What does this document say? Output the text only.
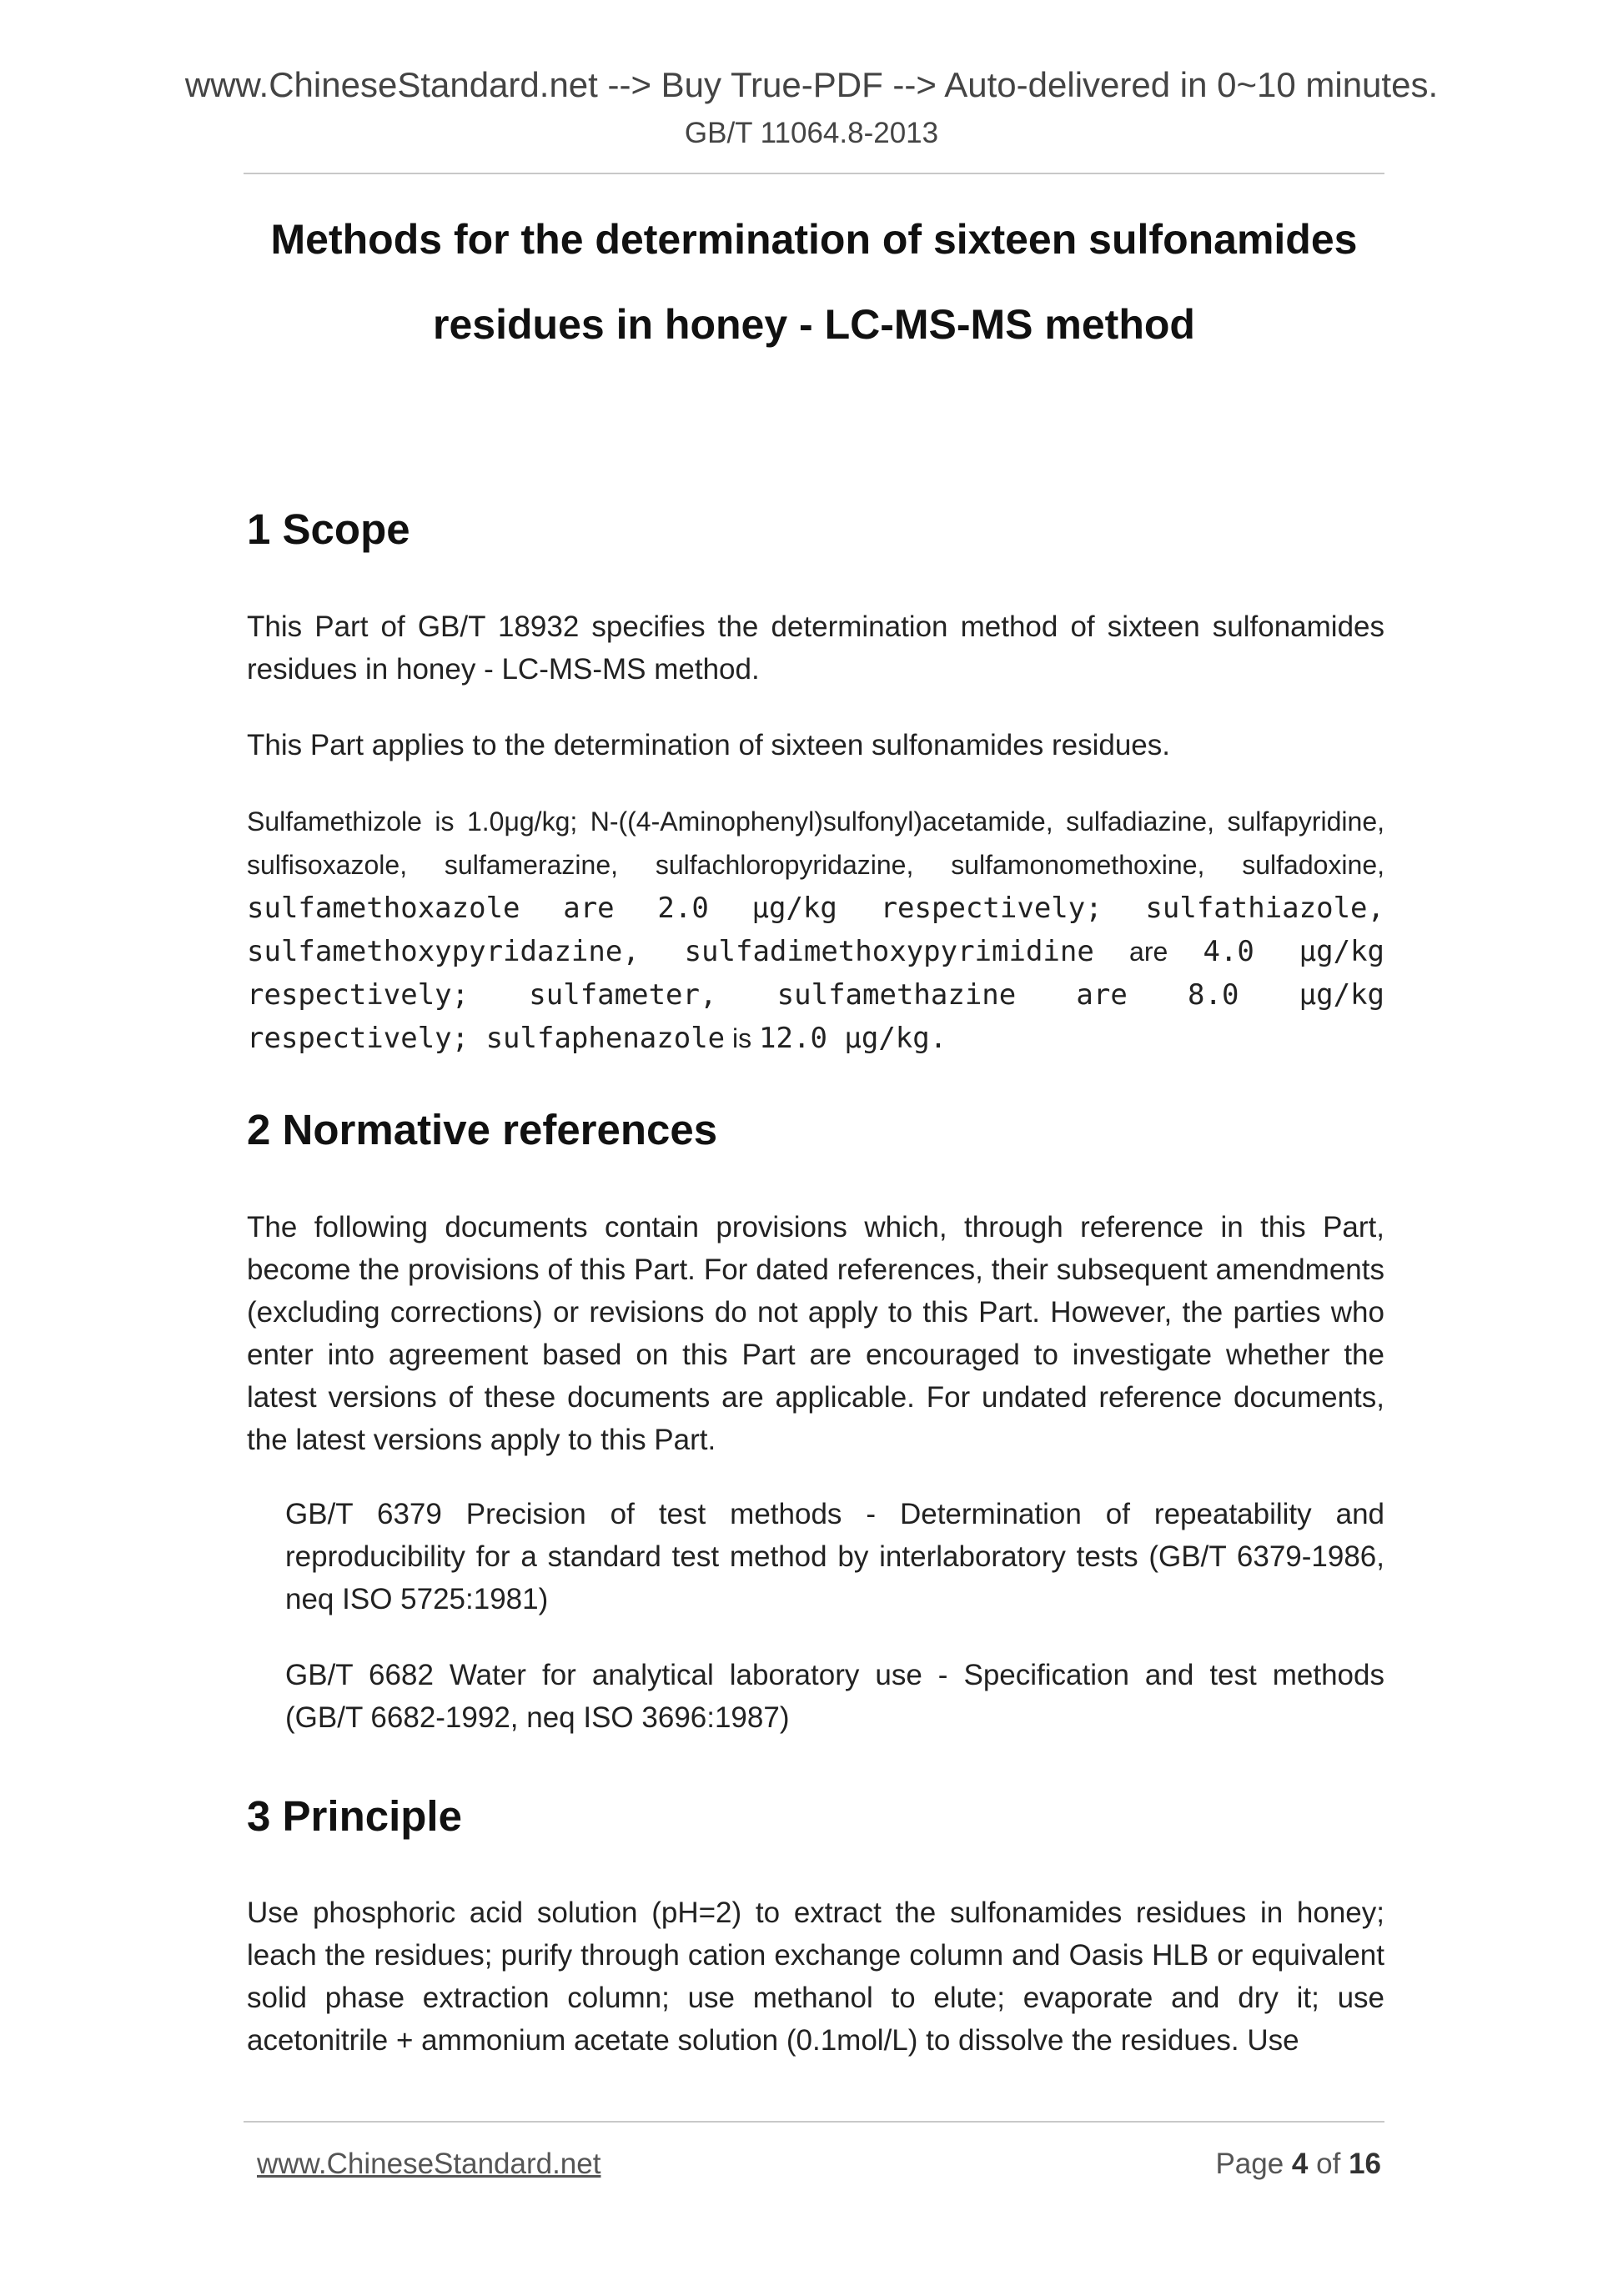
www.ChineseStandard.net --> Buy True-PDF --> Auto-delivered in 0~10 minutes.
GB/T 11064.8-2013
Methods for the determination of sixteen sulfonamides
residues in honey - LC-MS-MS method
1 Scope

This Part of GB/T 18932 specifies the determination method of sixteen sulfonamides residues in honey - LC-MS-MS method.

This Part applies to the determination of sixteen sulfonamides residues.

Sulfamethizole is 1.0μg/kg; N-((4-Aminophenyl)sulfonyl)acetamide, sulfadiazine, sulfapyridine, sulfisoxazole, sulfamerazine, sulfachloropyridazine, sulfamonomethoxine, sulfadoxine, sulfamethoxazole are 2.0 μg/kg respectively; sulfathiazole, sulfamethoxypyridazine, sulfadimethoxypyrimidine are 4.0 μg/kg respectively; sulfameter, sulfamethazine are 8.0 μg/kg respectively; sulfaphenazole is 12.0 μg/kg.

2 Normative references

The following documents contain provisions which, through reference in this Part, become the provisions of this Part. For dated references, their subsequent amendments (excluding corrections) or revisions do not apply to this Part. However, the parties who enter into agreement based on this Part are encouraged to investigate whether the latest versions of these documents are applicable. For undated reference documents, the latest versions apply to this Part.

GB/T 6379 Precision of test methods - Determination of repeatability and reproducibility for a standard test method by interlaboratory tests (GB/T 6379-1986, neq ISO 5725:1981)

GB/T 6682 Water for analytical laboratory use - Specification and test methods (GB/T 6682-1992, neq ISO 3696:1987)

3 Principle

Use phosphoric acid solution (pH=2) to extract the sulfonamides residues in honey; leach the residues; purify through cation exchange column and Oasis HLB or equivalent solid phase extraction column; use methanol to elute; evaporate and dry it; use acetonitrile + ammonium acetate solution (0.1mol/L) to dissolve the residues. Use

www.ChineseStandard.net	Page 4 of 16
